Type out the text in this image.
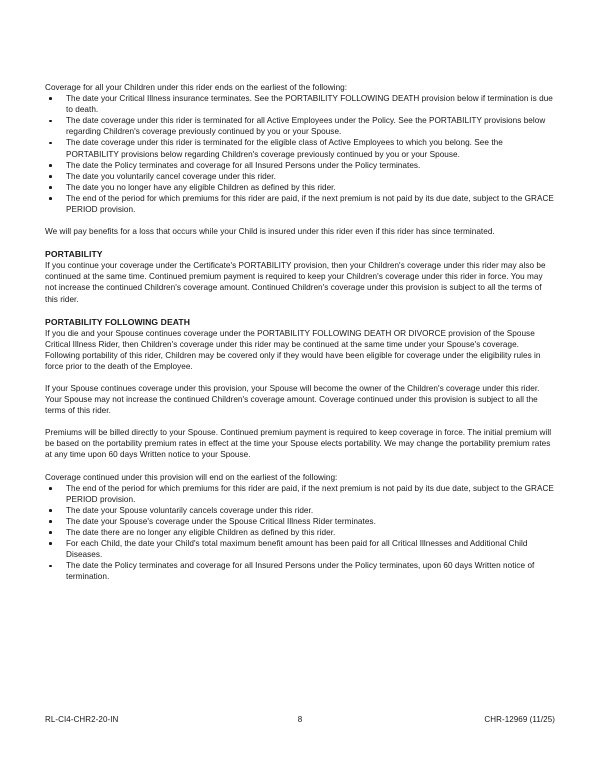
Coverage for all your Children under this rider ends on the earliest of the following:

The date your Critical Illness insurance terminates. See the PORTABILITY FOLLOWING DEATH provision below if termination is due to death.
The date coverage under this rider is terminated for all Active Employees under the Policy. See the PORTABILITY provisions below regarding Children's coverage previously continued by you or your Spouse.
The date coverage under this rider is terminated for the eligible class of Active Employees to which you belong. See the PORTABILITY provisions below regarding Children's coverage previously continued by you or your Spouse.
The date the Policy terminates and coverage for all Insured Persons under the Policy terminates.
The date you voluntarily cancel coverage under this rider.
The date you no longer have any eligible Children as defined by this rider.
The end of the period for which premiums for this rider are paid, if the next premium is not paid by its due date, subject to the GRACE PERIOD provision.

We will pay benefits for a loss that occurs while your Child is insured under this rider even if this rider has since terminated.

PORTABILITY

If you continue your coverage under the Certificate's PORTABILITY provision, then your Children's coverage under this rider may also be continued at the same time. Continued premium payment is required to keep your Children's coverage under this rider in force. You may not increase the continued Children's coverage amount. Continued Children's coverage under this provision is subject to all the terms of this rider.

PORTABILITY FOLLOWING DEATH

If you die and your Spouse continues coverage under the PORTABILITY FOLLOWING DEATH OR DIVORCE provision of the Spouse Critical Illness Rider, then Children's coverage under this rider may be continued at the same time under your Spouse's coverage. Following portability of this rider, Children may be covered only if they would have been eligible for coverage under the eligibility rules in force prior to the death of the Employee.

If your Spouse continues coverage under this provision, your Spouse will become the owner of the Children's coverage under this rider. Your Spouse may not increase the continued Children's coverage amount. Coverage continued under this provision is subject to all the terms of this rider.

Premiums will be billed directly to your Spouse. Continued premium payment is required to keep coverage in force. The initial premium will be based on the portability premium rates in effect at the time your Spouse elects portability. We may change the portability premium rates at any time upon 60 days Written notice to your Spouse.

Coverage continued under this provision will end on the earliest of the following:

The end of the period for which premiums for this rider are paid, if the next premium is not paid by its due date, subject to the GRACE PERIOD provision.
The date your Spouse voluntarily cancels coverage under this rider.
The date your Spouse's coverage under the Spouse Critical Illness Rider terminates.
The date there are no longer any eligible Children as defined by this rider.
For each Child, the date your Child's total maximum benefit amount has been paid for all Critical Illnesses and Additional Child Diseases.
The date the Policy terminates and coverage for all Insured Persons under the Policy terminates, upon 60 days Written notice of termination.
RL-CI4-CHR2-20-IN	8	CHR-12969 (11/25)
